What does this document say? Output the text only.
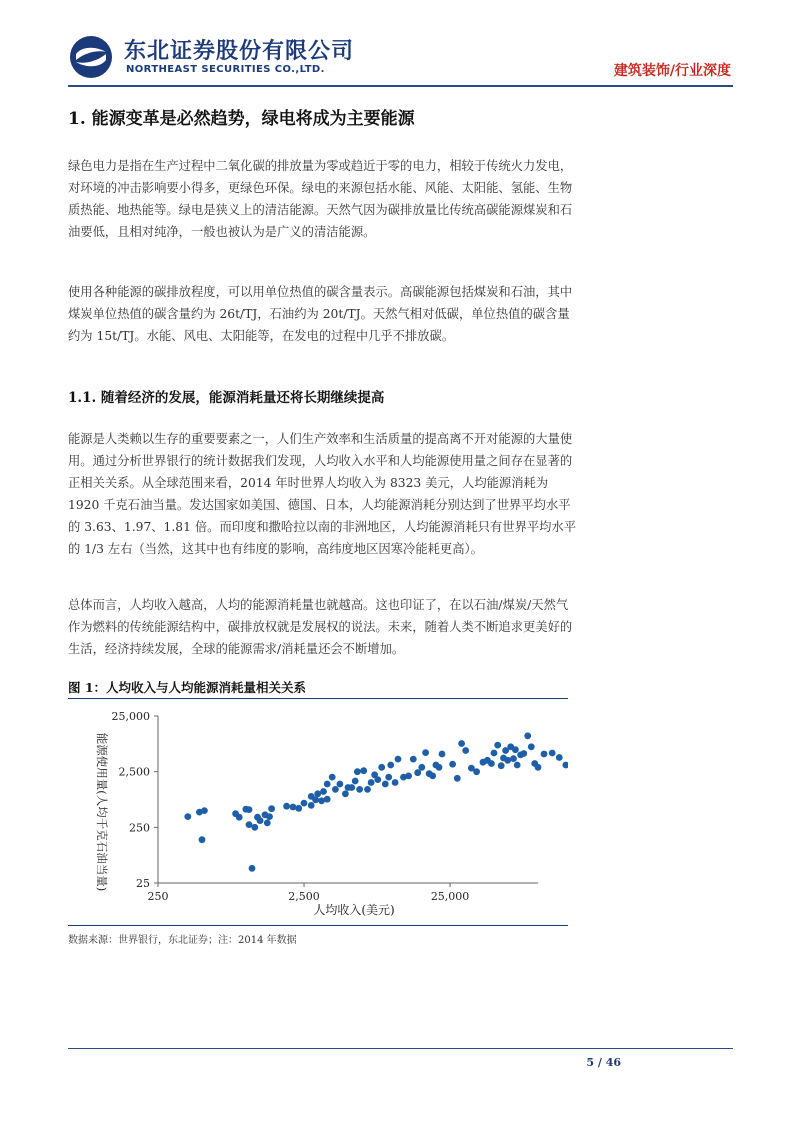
东北证券股份有限公司
NORTHEAST SECURITIES CO.,LTD.	建筑装饰/行业深度
1. 能源变革是必然趋势，绿电将成为主要能源
绿色电力是指在生产过程中二氧化碳的排放量为零或趋近于零的电力，相较于传统火力发电，对环境的冲击影响要小得多，更绿色环保。绿电的来源包括水能、风能、太阳能、氢能、生物质热能、地热能等。绿电是狭义上的清洁能源。天然气因为碳排放量比传统高碳能源煤炭和石油要低，且相对纯净，一般也被认为是广义的清洁能源。
使用各种能源的碳排放程度，可以用单位热值的碳含量表示。高碳能源包括煤炭和石油，其中煤炭单位热值的碳含量约为 26t/TJ，石油约为 20t/TJ。天然气相对低碳，单位热值的碳含量约为 15t/TJ。水能、风电、太阳能等，在发电的过程中几乎不排放碳。
1.1. 随着经济的发展，能源消耗量还将长期继续提高
能源是人类赖以生存的重要要素之一，人们生产效率和生活质量的提高离不开对能源的大量使用。通过分析世界银行的统计数据我们发现，人均收入水平和人均能源使用量之间存在显著的正相关关系。从全球范围来看，2014 年时世界人均收入为 8323 美元，人均能源消耗为 1920 千克石油当量。发达国家如美国、德国、日本，人均能源消耗分别达到了世界平均水平的 3.63、1.97、1.81 倍。而印度和撒哈拉以南的非洲地区，人均能源消耗只有世界平均水平的 1/3 左右（当然，这其中也有纬度的影响，高纬度地区因寒冷能耗更高）。
总体而言，人均收入越高，人均的能源消耗量也就越高。这也印证了，在以石油/煤炭/天然气作为燃料的传统能源结构中，碳排放权就是发展权的说法。未来，随着人类不断追求更美好的生活，经济持续发展，全球的能源需求/消耗量还会不断增加。
图 1：人均收入与人均能源消耗量相关关系
25,000
2,500
250
25
250	2,500	25,000
人均收入(美元)
能源使用量(人均千克石油当量)
数据来源：世界银行，东北证券；注：2014 年数据
5 / 46
